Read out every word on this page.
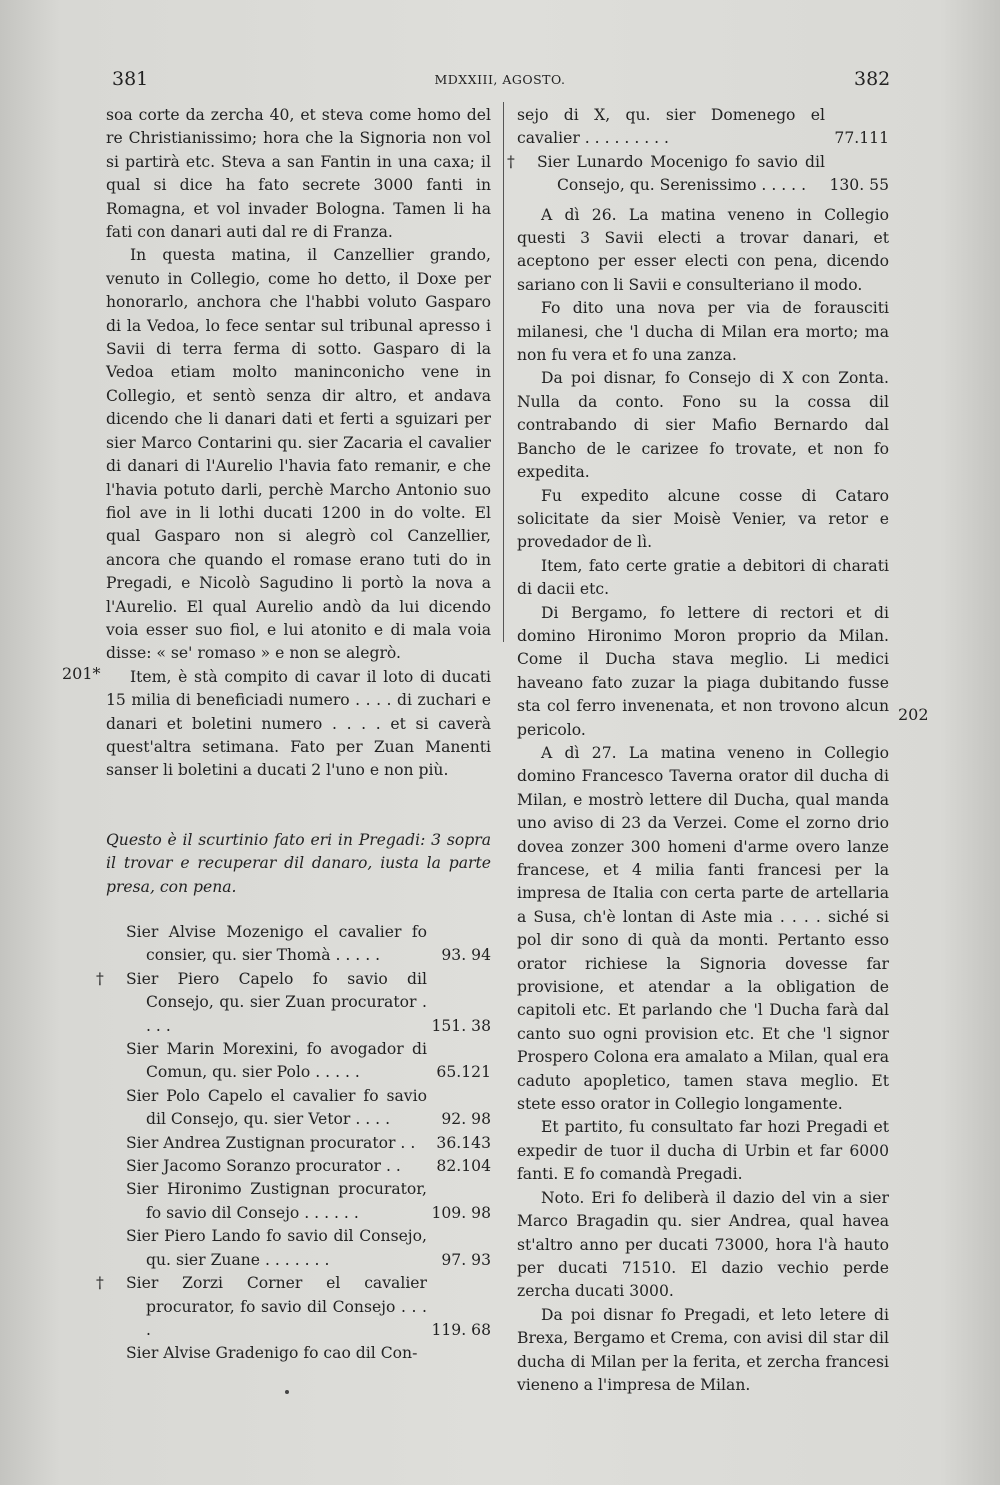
381	MDXXIII, AGOSTO.	382
201*
202

soa corte da zercha 40, et steva come homo del re Christianissimo; hora che la Signoria non vol si partirà etc. Steva a san Fantin in una caxa; il qual si dice ha fato secrete 3000 fanti in Romagna, et vol invader Bologna. Tamen li ha fati con danari auti dal re di Franza.

In questa matina, il Canzellier grando, venuto in Collegio, come ho detto, il Doxe per honorarlo, anchora che l'habbi voluto Gasparo di la Vedoa, lo fece sentar sul tribunal apresso i Savii di terra ferma di sotto. Gasparo di la Vedoa etiam molto maninconicho vene in Collegio, et sentò senza dir altro, et andava dicendo che li danari dati et ferti a sguizari per sier Marco Contarini qu. sier Zacaria el cavalier di danari di l'Aurelio l'havia fato remanir, e che l'havia potuto darli, perchè Marcho Antonio suo fiol ave in li lothi ducati 1200 in do volte. El qual Gasparo non si alegrò col Canzellier, ancora che quando el romase erano tuti do in Pregadi, e Nicolò Sagudino li portò la nova a l'Aurelio. El qual Aurelio andò da lui dicendo voia esser suo fiol, e lui atonito e di mala voia disse: « se' romaso » e non se alegrò.

Item, è stà compito di cavar il loto di ducati 15 milia di beneficiadi numero . . . . di zuchari e danari et boletini numero . . . . et si caverà quest'altra setimana. Fato per Zuan Manenti sanser li boletini a ducati 2 l'uno e non più.

Questo è il scurtinio fato eri in Pregadi: 3 sopra il trovar e recuperar dil danaro, iusta la parte presa, con pena.

Sier Alvise Mozenigo el cavalier fo consier, qu. sier Thomà . . . . .	93. 94
† Sier Piero Capelo fo savio dil Consejo, qu. sier Zuan procurator . . . .	151. 38
Sier Marin Morexini, fo avogador di Comun, qu. sier Polo . . . . .	65.121
Sier Polo Capelo el cavalier fo savio dil Consejo, qu. sier Vetor . . . .	92. 98
Sier Andrea Zustignan procurator . .	36.143
Sier Jacomo Soranzo procurator . .	82.104
Sier Hironimo Zustignan procurator, fo savio dil Consejo . . . . . .	109. 98
Sier Piero Lando fo savio dil Consejo, qu. sier Zuane . . . . . . .	97. 93
† Sier Zorzi Corner el cavalier procurator, fo savio dil Consejo . . . .	119. 68
Sier Alvise Gradenigo fo cao dil Con-
sejo di X, qu. sier Domenego el cavalier . . . . . . . . .	77.111
† Sier Lunardo Mocenigo fo savio dil Consejo, qu. Serenissimo . . . . .	130. 55

A dì 26. La matina veneno in Collegio questi 3 Savii electi a trovar danari, et aceptono per esser electi con pena, dicendo sariano con li Savii e consulteriano il modo.

Fo dito una nova per via de forausciti milanesi, che 'l ducha di Milan era morto; ma non fu vera et fo una zanza.

Da poi disnar, fo Consejo di X con Zonta. Nulla da conto. Fono su la cossa dil contrabando di sier Mafio Bernardo dal Bancho de le carizee fo trovate, et non fo expedita.

Fu expedito alcune cosse di Cataro solicitate da sier Moisè Venier, va retor e provedador de lì.

Item, fato certe gratie a debitori di charati di dacii etc.

Di Bergamo, fo lettere di rectori et di domino Hironimo Moron proprio da Milan. Come il Ducha stava meglio. Li medici haveano fato zuzar la piaga dubitando fusse sta col ferro invenenata, et non trovono alcun pericolo.

A dì 27. La matina veneno in Collegio domino Francesco Taverna orator dil ducha di Milan, e mostrò lettere dil Ducha, qual manda uno aviso di 23 da Verzei. Come el zorno drio dovea zonzer 300 homeni d'arme overo lanze francese, et 4 milia fanti francesi per la impresa de Italia con certa parte de artellaria a Susa, ch'è lontan di Aste mia . . . . siché si pol dir sono di quà da monti. Pertanto esso orator richiese la Signoria dovesse far provisione, et atendar a la obligation de capitoli etc. Et parlando che 'l Ducha farà dal canto suo ogni provision etc. Et che 'l signor Prospero Colona era amalato a Milan, qual era caduto apopletico, tamen stava meglio. Et stete esso orator in Collegio longamente.

Et partito, fu consultato far hozi Pregadi et expedir de tuor il ducha di Urbin et far 6000 fanti. E fo comandà Pregadi.

Noto. Eri fo deliberà il dazio del vin a sier Marco Bragadin qu. sier Andrea, qual havea st'altro anno per ducati 73000, hora l'à hauto per ducati 71510. El dazio vechio perde zercha ducati 3000.

Da poi disnar fo Pregadi, et leto letere di Brexa, Bergamo et Crema, con avisi dil star dil ducha di Milan per la ferita, et zercha francesi vieneno a l'impresa de Milan.
